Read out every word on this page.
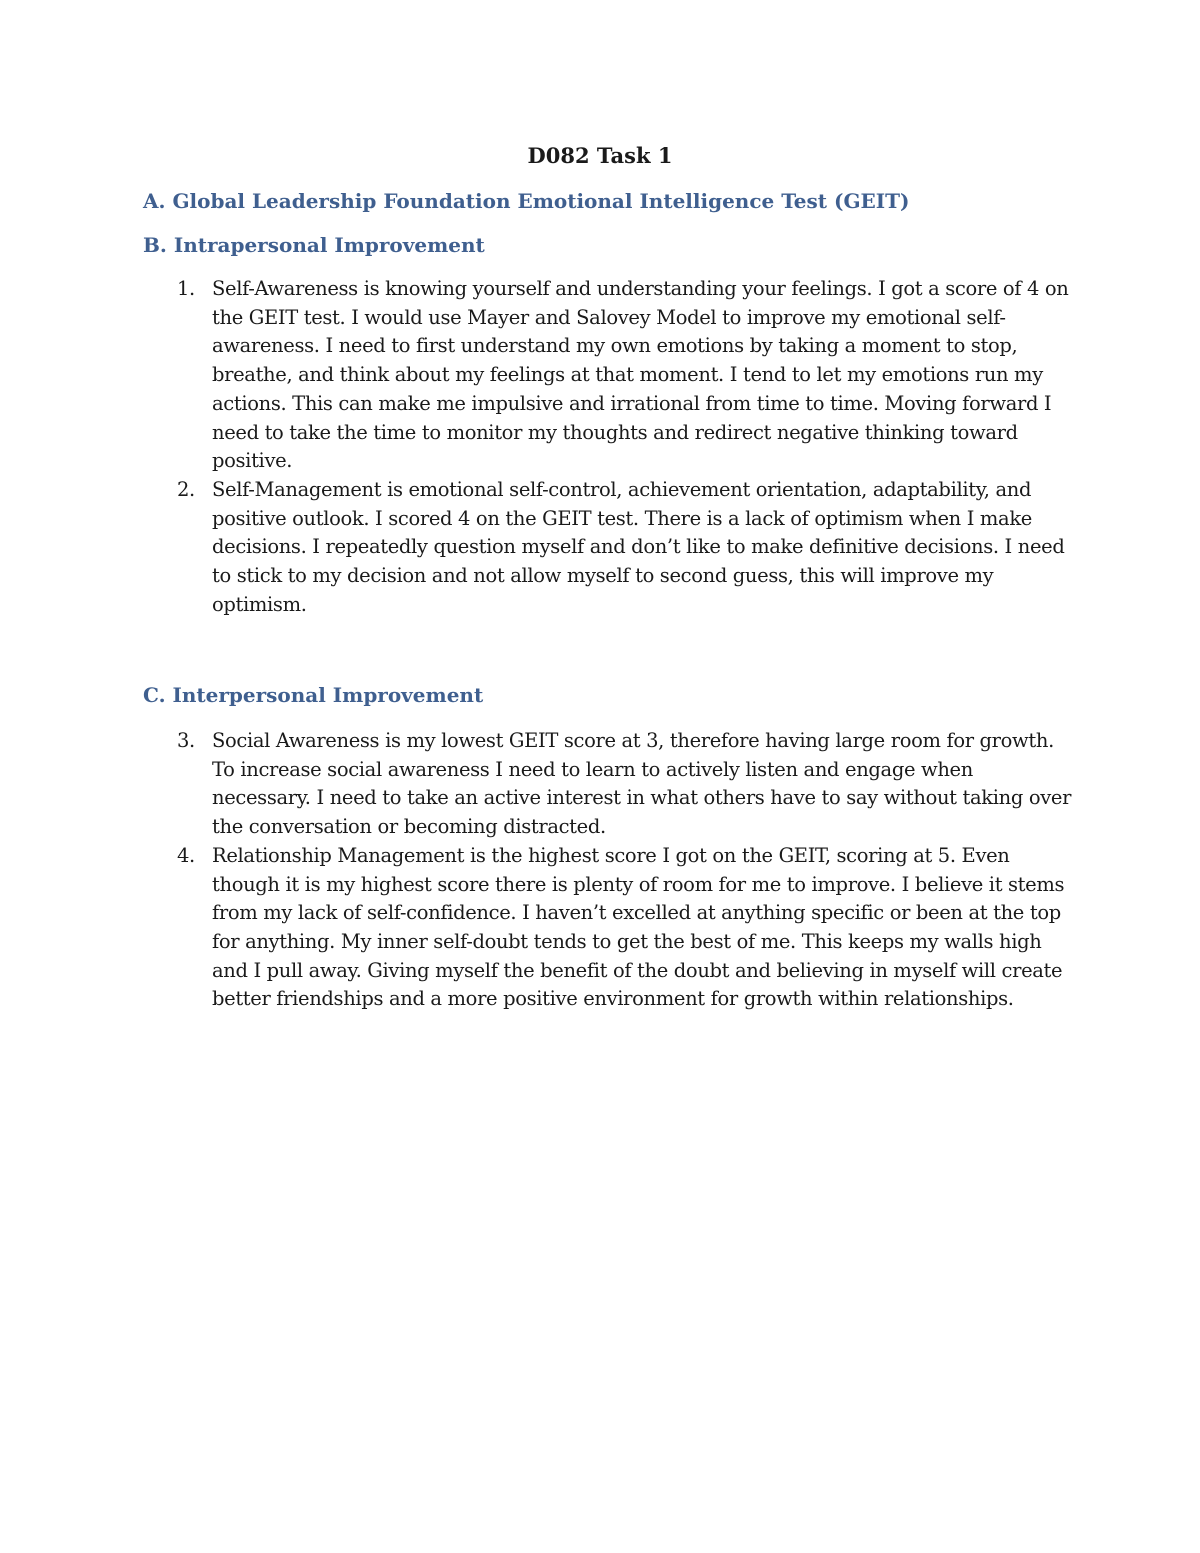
D082 Task 1
A. Global Leadership Foundation Emotional Intelligence Test (GEIT)
B. Intrapersonal Improvement
1. Self-Awareness is knowing yourself and understanding your feelings. I got a score of 4 on the GEIT test. I would use Mayer and Salovey Model to improve my emotional self-awareness. I need to first understand my own emotions by taking a moment to stop, breathe, and think about my feelings at that moment. I tend to let my emotions run my actions. This can make me impulsive and irrational from time to time. Moving forward I need to take the time to monitor my thoughts and redirect negative thinking toward positive.
2. Self-Management is emotional self-control, achievement orientation, adaptability, and positive outlook. I scored 4 on the GEIT test. There is a lack of optimism when I make decisions. I repeatedly question myself and don’t like to make definitive decisions. I need to stick to my decision and not allow myself to second guess, this will improve my optimism.
C. Interpersonal Improvement
3. Social Awareness is my lowest GEIT score at 3, therefore having large room for growth. To increase social awareness I need to learn to actively listen and engage when necessary. I need to take an active interest in what others have to say without taking over the conversation or becoming distracted.
4. Relationship Management is the highest score I got on the GEIT, scoring at 5. Even though it is my highest score there is plenty of room for me to improve. I believe it stems from my lack of self-confidence. I haven’t excelled at anything specific or been at the top for anything. My inner self-doubt tends to get the best of me. This keeps my walls high and I pull away. Giving myself the benefit of the doubt and believing in myself will create better friendships and a more positive environment for growth within relationships.
